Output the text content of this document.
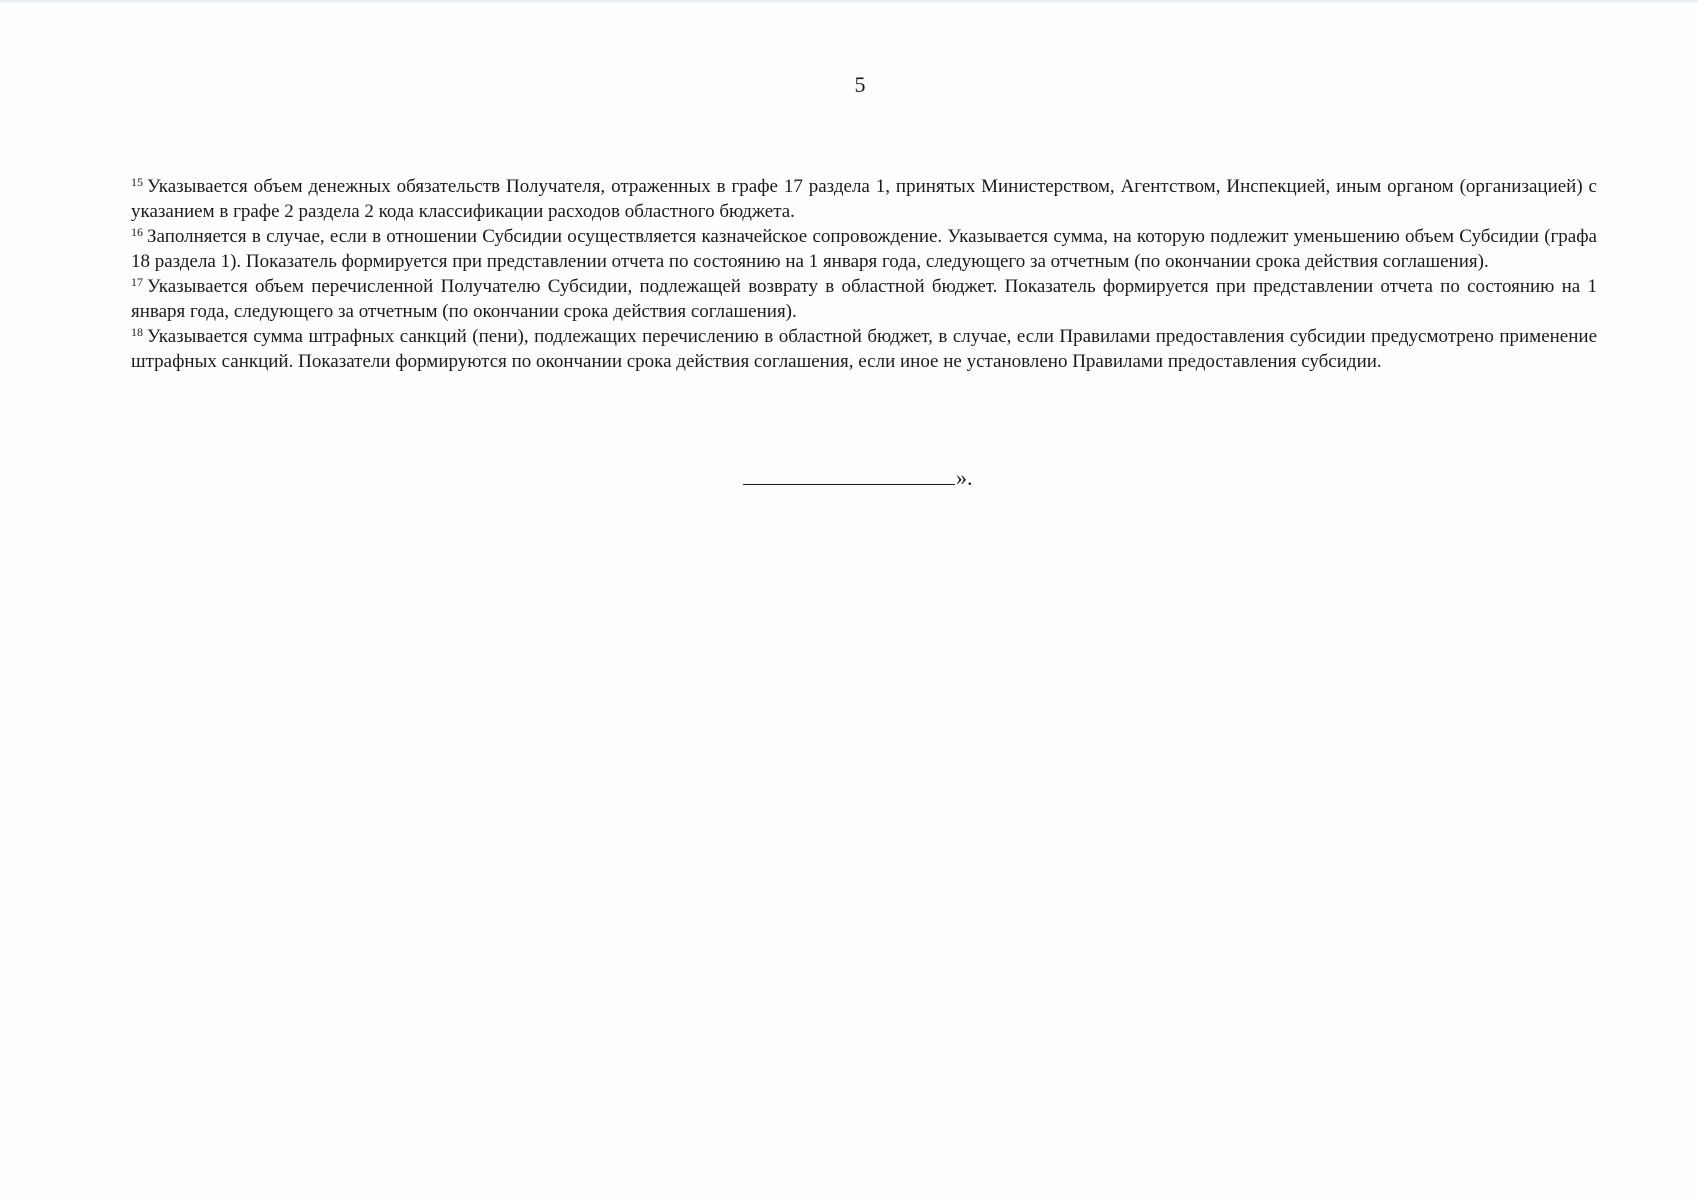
5

$^{15}$ Указывается объем денежных обязательств Получателя, отраженных в графе 17 раздела 1, принятых Министерством, Агентством, Инспекцией, иным органом (организацией) с указанием в графе 2 раздела 2 кода классификации расходов областного бюджета.

$^{16}$ Заполняется в случае, если в отношении Субсидии осуществляется казначейское сопровождение. Указывается сумма, на которую подлежит уменьшению объем Субсидии (графа 18 раздела 1). Показатель формируется при представлении отчета по состоянию на 1 января года, следующего за отчетным (по окончании срока действия соглашения).

$^{17}$ Указывается объем перечисленной Получателю Субсидии, подлежащей возврату в областной бюджет. Показатель формируется при представлении отчета по состоянию на 1 января года, следующего за отчетным (по окончании срока действия соглашения).

$^{18}$ Указывается сумма штрафных санкций (пени), подлежащих перечислению в областной бюджет, в случае, если Правилами предоставления субсидии предусмотрено применение штрафных санкций. Показатели формируются по окончании срока действия соглашения, если иное не установлено Правилами предоставления субсидии.

».
